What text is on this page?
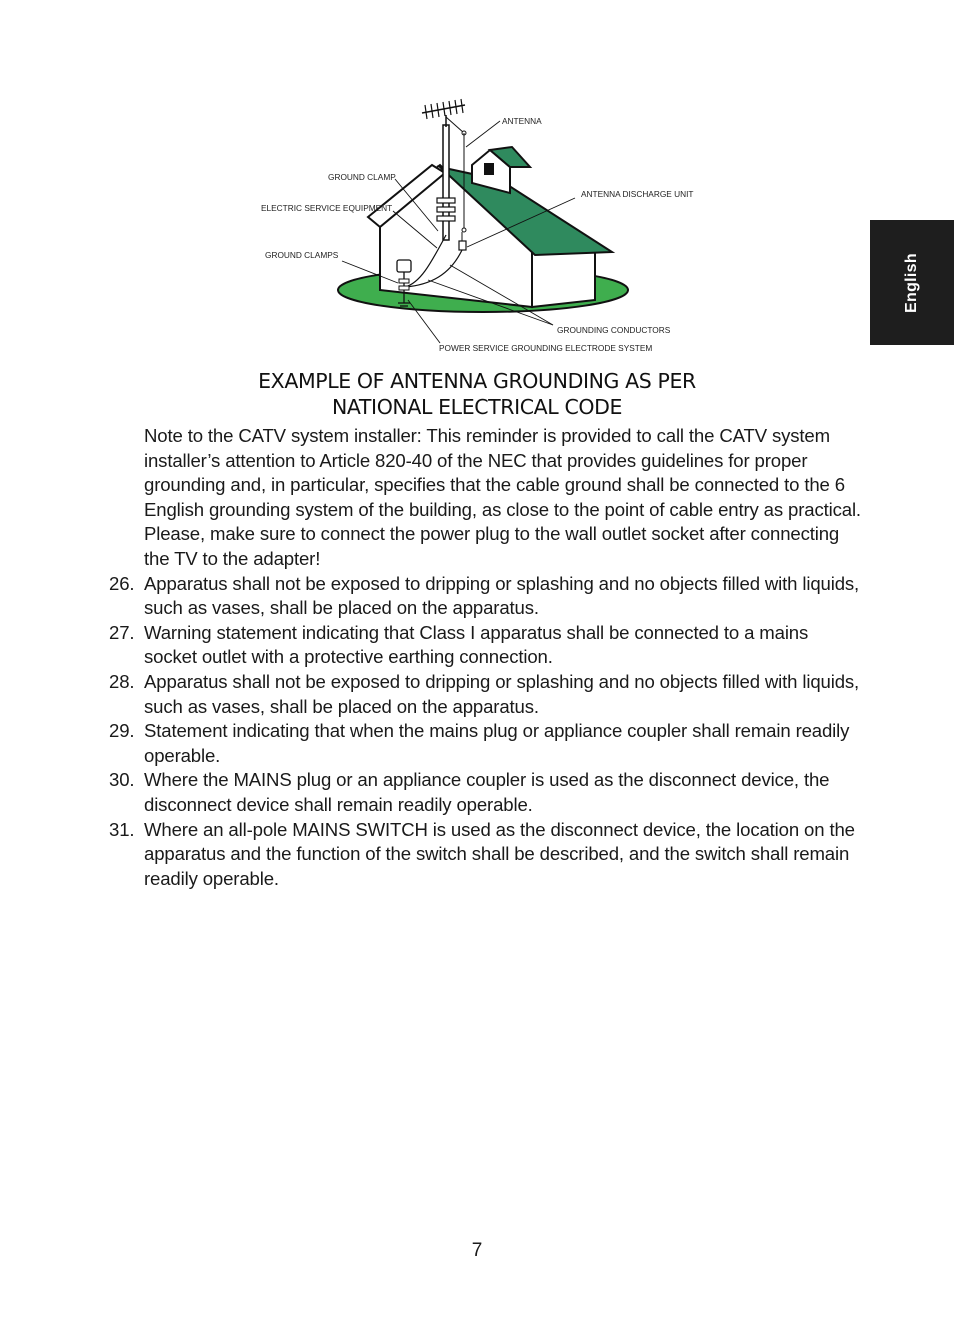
English
ANTENNA
GROUND CLAMP
ANTENNA DISCHARGE UNIT
ELECTRIC SERVICE EQUIPMENT
GROUND CLAMPS
GROUNDING CONDUCTORS
POWER SERVICE GROUNDING ELECTRODE SYSTEM
EXAMPLE OF ANTENNA GROUNDING AS PER
NATIONAL ELECTRICAL CODE

Note to the CATV system installer: This reminder is provided to call the CATV system installer’s attention to Article 820-40 of the NEC that provides guidelines for proper grounding and, in particular, specifies that the cable ground shall be connected to the 6 English grounding system of the building, as close to the point of cable entry as practical. Please, make sure to connect the power plug to the wall outlet socket after connecting the TV to the adapter!

26. Apparatus shall not be exposed to dripping or splashing and no objects filled with liquids, such as vases, shall be placed on the apparatus.
27. Warning statement indicating that Class I apparatus shall be connected to a mains socket outlet with a protective earthing connection.
28. Apparatus shall not be exposed to dripping or splashing and no objects filled with liquids, such as vases, shall be placed on the apparatus.
29. Statement indicating that when the mains plug or appliance coupler shall remain readily operable.
30. Where the MAINS plug or an appliance coupler is used as the disconnect device, the disconnect device shall remain readily operable.
31. Where an all-pole MAINS SWITCH is used as the disconnect device, the location on the apparatus and the function of the switch shall be described, and the switch shall remain readily operable.
7
